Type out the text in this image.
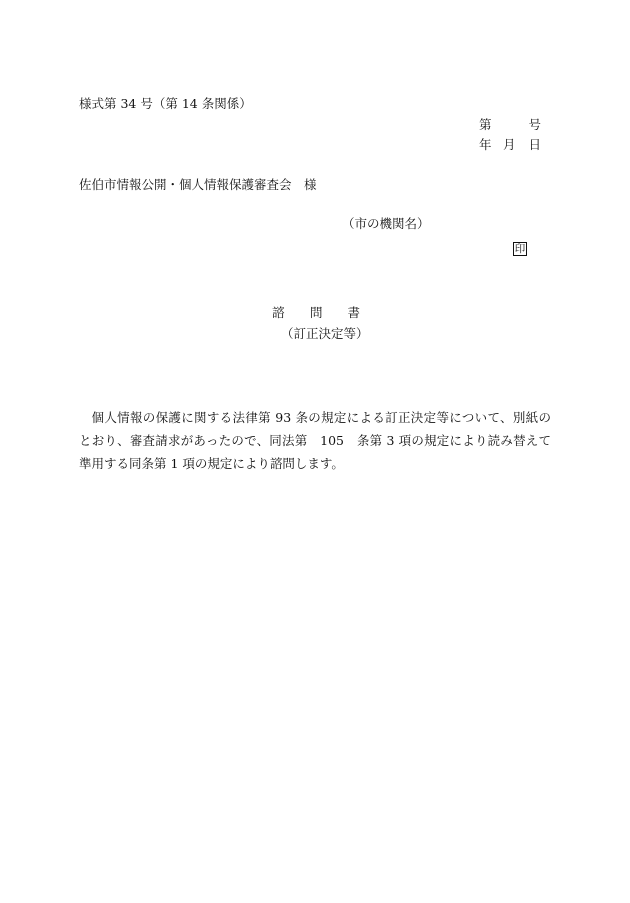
様式第 34 号（第 14 条関係）
第	号
年 月 日
佐伯市情報公開・個人情報保護審査会　様
（市の機関名）
印
諮 問 書
（訂正決定等）
個人情報の保護に関する法律第 93 条の規定による訂正決定等について、別紙のとおり、審査請求があったので、同法第　105　条第 3 項の規定により読み替えて準用する同条第 1 項の規定により諮問します。
